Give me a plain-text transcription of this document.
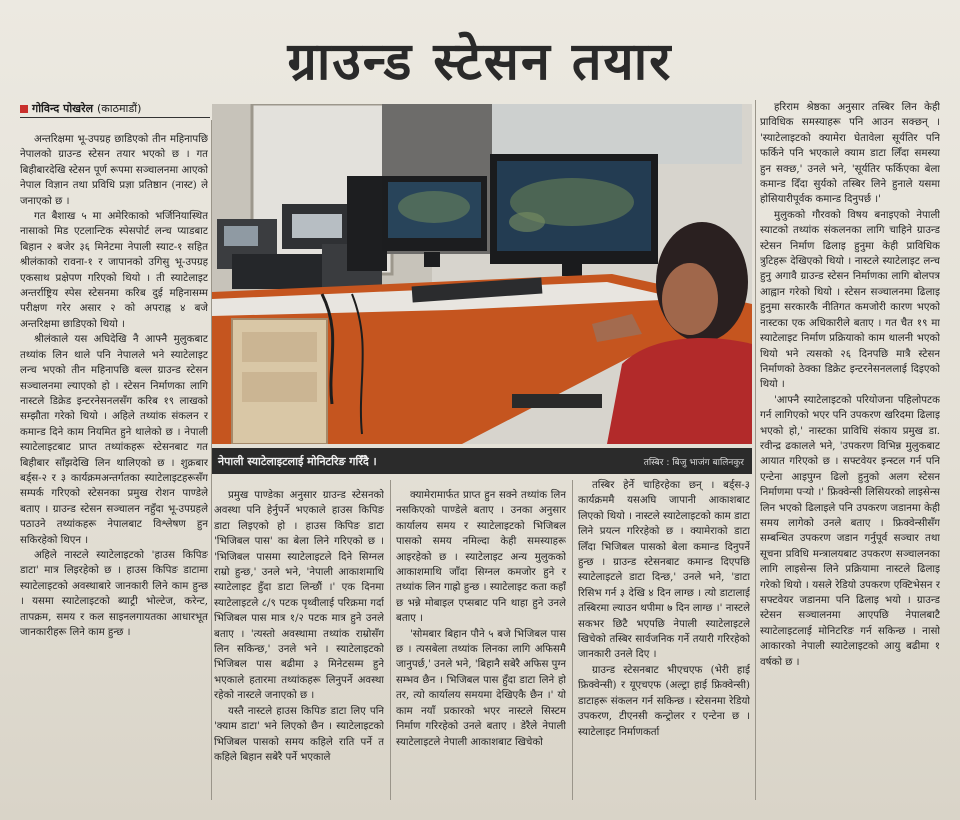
ग्राउन्ड स्टेसन तयार
गोविन्द पोखरेल (काठमाडौं)
नेपाली स्याटेलाइटलाई मोनिटरिङ गरिँदै ।	तस्बिर : बिजु भाजंग बालिनकुर

अन्तरिक्षमा भू-उपग्रह छाडिएको तीन महिनापछि नेपालको ग्राउन्ड स्टेसन तयार भएको छ । गत बिहीबारदेखि स्टेसन पूर्ण रूपमा सञ्चालनमा आएको नेपाल विज्ञान तथा प्रविधि प्रज्ञा प्रतिष्ठान (नास्ट) ले जनाएको छ ।

गत बैशाख ५ मा अमेरिकाको भर्जिनियास्थित नासाको मिड एटलान्टिक स्पेसपोर्ट लन्च प्याडबाट बिहान २ बजेर ३६ मिनेटमा नेपाली स्याट-१ सहित श्रीलंकाको रावना-१ र जापानको उगिसु भू-उपग्रह एकसाथ प्रक्षेपण गरिएको थियो । ती स्याटेलाइट अन्तर्राष्ट्रिय स्पेस स्टेसनमा करिब दुई महिनासम्म परीक्षण गरेर असार २ को अपराह्न ४ बजे अन्तरिक्षमा छाडिएको थियो ।

श्रीलंकाले यस अघिदेखि नै आफ्नै मुलुकबाट तथ्यांक लिन थाले पनि नेपालले भने स्याटेलाइट लन्च भएको तीन महिनापछि बल्ल ग्राउन्ड स्टेसन सञ्चालनमा ल्याएको हो । स्टेसन निर्माणका लागि नास्टले डिक्रेड इन्टरनेसनलसँग करिब १९ लाखको सम्झौता गरेको थियो । अहिले तथ्यांक संकलन र कमान्ड दिने काम नियमित हुने थालेको छ । नेपाली स्याटेलाइटबाट प्राप्त तथ्यांकहरू स्टेसनबाट गत बिहीबार साँझदेखि लिन थालिएको छ । शुक्रबार बर्ड्स-२ र ३ कार्यक्रमअन्तर्गतका स्याटेलाइटहरूसँग सम्पर्क गरिएको स्टेसनका प्रमुख रोशन पाण्डेले बताए । ग्राउन्ड स्टेसन सञ्चालन नहुँदा भू-उपग्रहले पठाउने तथ्यांकहरू नेपालबाट विश्लेषण हुन सकिरहेको थिएन ।

अहिले नास्टले स्याटेलाइटको 'हाउस किपिङ डाटा' मात्र लिइरहेको छ । हाउस किपिङ डाटामा स्याटेलाइटको अवस्थाबारे जानकारी लिने काम हुन्छ । यसमा स्याटेलाइटको ब्याट्री भोल्टेज, करेन्ट, तापक्रम, समय र कल साइनलगायतका आधारभूत जानकारीहरू लिने काम हुन्छ ।

प्रमुख पाण्डेका अनुसार ग्राउन्ड स्टेसनको अवस्था पनि हेर्नुपर्ने भएकाले हाउस किपिङ डाटा लिइएको हो । हाउस किपिङ डाटा 'भिजिबल पास' का बेला लिने गरिएको छ । 'भिजिबल पासमा स्याटेलाइटले दिने सिग्नल राम्रो हुन्छ,' उनले भने, 'नेपाली आकाशमाथि स्याटेलाइट हुँदा डाटा लिन्छौं ।' एक दिनमा स्याटेलाइटले ८/९ पटक पृथ्वीलाई परिक्रमा गर्दा भिजिबल पास मात्र १/२ पटक मात्र हुने उनले बताए । 'त्यस्तो अवस्थामा तथ्यांक राम्रोसँग लिन सकिन्छ,' उनले भने । स्याटेलाइटको भिजिबल पास बढीमा ३ मिनेटसम्म हुने भएकाले हतारमा तथ्यांकहरू लिनुपर्ने अवस्था रहेको नास्टले जनाएको छ ।

यस्तै नास्टले हाउस किपिङ डाटा लिए पनि 'क्याम डाटा' भने लिएको छैन । स्याटेलाइटको भिजिबल पासको समय कहिले राति पर्ने त कहिले बिहान सबेरै पर्ने भएकाले

क्यामेरामार्फत प्राप्त हुन सक्ने तथ्यांक लिन नसकिएको पाण्डेले बताए । उनका अनुसार कार्यालय समय र स्याटेलाइटको भिजिबल पासको समय नमिल्दा केही समस्याहरू आइरहेको छ । स्याटेलाइट अन्य मुलुकको आकाशमाथि जाँदा सिग्नल कमजोर हुने र तथ्यांक लिन गाह्रो हुन्छ । स्याटेलाइट कता कहाँ छ भन्ने मोबाइल एप्सबाट पनि थाहा हुने उनले बताए ।

'सोमबार बिहान पौने ५ बजे भिजिबल पास छ । त्यसबेला तथ्यांक लिनका लागि अफिसमै जानुपर्छ,' उनले भने, 'बिहानै सबेरै अफिस पुग्न सम्भव छैन । भिजिबल पास हुँदा डाटा लिने हो तर, त्यो कार्यालय समयमा देखिएकै छैन ।' यो काम नयाँ प्रकारको भएर नास्टले सिस्टम निर्माण गरिरहेको उनले बताए । डेरैले नेपाली स्याटेलाइटले नेपाली आकाशबाट खिचेको

तस्बिर हेर्ने चाहिरहेका छन् । बर्ड्स-३ कार्यक्रममै यसअघि जापानी आकाशबाट लिएको थियो । नास्टले स्याटेलाइटको काम डाटा लिने प्रयत्न गरिरहेको छ । क्यामेराको डाटा लिँदा भिजिबल पासको बेला कमान्ड दिनुपर्ने हुन्छ । ग्राउन्ड स्टेसनबाट कमान्ड दिएपछि स्याटेलाइटले डाटा दिन्छ,' उनले भने, 'डाटा रिसिभ गर्न ३ देखि ४ दिन लाग्छ । त्यो डाटालाई तस्बिरमा ल्याउन थपीमा ७ दिन लाग्छ ।' नास्टले सकभर छिटै भएपछि नेपाली स्याटेलाइटले खिचेको तस्बिर सार्वजनिक गर्ने तयारी गरिरहेको जानकारी उनले दिए ।

ग्राउन्ड स्टेसनबाट भीएचएफ (भेरी हाई फ्रिक्वेन्सी) र यूएचएफ (अल्ट्रा हाई फ्रिक्वेन्सी) डाटाहरू संकलन गर्न सकिन्छ । स्टेसनमा रेडियो उपकरण, टीएनसी कन्ट्रोलर र एन्टेना छ । स्याटेलाइट निर्माणकर्ता

हरिराम श्रेष्ठका अनुसार तस्बिर लिन केही प्राविधिक समस्याहरू पनि आउन सक्छन् । 'स्याटेलाइटको क्यामेरा घेतावेला सूर्यतिर पनि फर्किने पनि भएकाले क्याम डाटा लिँदा समस्या हुन सक्छ,' उनले भने, 'सूर्यतिर फर्किएका बेला कमान्ड दिँदा सुर्यको तस्बिर लिने हुनाले यसमा होसियारीपूर्वक कमान्ड दिनुपर्छ ।'

मुलुकको गौरवको विषय बनाइएको नेपाली स्याटको तथ्यांक संकलनका लागि चाहिने ग्राउन्ड स्टेसन निर्माण ढिलाइ हुनुमा केही प्राविधिक त्रुटिहरू देखिएको थियो । नास्टले स्याटेलाइट लन्च हुनु अगावै ग्राउन्ड स्टेसन निर्माणका लागि बोलपत्र आह्वान गरेको थियो । स्टेसन सञ्चालनमा ढिलाइ हुनुमा सरकारकै नीतिगत कमजोरी कारण भएको नास्टका एक अधिकारीले बताए । गत चैत १९ मा स्याटेलाइट निर्माण प्रक्रियाको काम थालनी भएको थियो भने त्यसको २६ दिनपछि मात्रै स्टेसन निर्माणको ठेक्का डिक्रेट इन्टरनेसनललाई दिइएको थियो ।

'आफ्नै स्याटेलाइटको परियोजना पहिलोपटक गर्न लागिएको भएर पनि उपकरण खरिदमा ढिलाइ भएको हो,' नास्टका प्राविधि संकाय प्रमुख डा. रवीन्द्र ढकालले भने, 'उपकरण विभिन्न मुलुकबाट आयात गरिएको छ । सफ्टवेयर इन्स्टल गर्न पनि एन्टेना आइपुग्न ढिलो हुनुको अलग स्टेसन निर्माणमा पर्‍यो ।' फ्रिक्वेन्सी लिसियरको लाइसेन्स लिन भएको ढिलाइले पनि उपकरण जडानमा केही समय लागेको उनले बताए । फ्रिक्वेन्सीसँग सम्बन्धित उपकरण जडान गर्नुपूर्व सञ्चार तथा सूचना प्रविधि मन्त्रालयबाट उपकरण सञ्चालनका लागि लाइसेन्स लिने प्रक्रियामा नास्टले ढिलाइ गरेको थियो । यसले रेडियो उपकरण एक्टिभेसन र सफ्टवेयर जडानमा पनि ढिलाइ भयो । ग्राउन्ड स्टेसन सञ्चालनमा आएपछि नेपालबाटै स्याटेलाइटलाई मोनिटरिङ गर्न सकिन्छ । नासो आकारको नेपाली स्याटेलाइटको आयु बढीमा १ वर्षको छ ।
